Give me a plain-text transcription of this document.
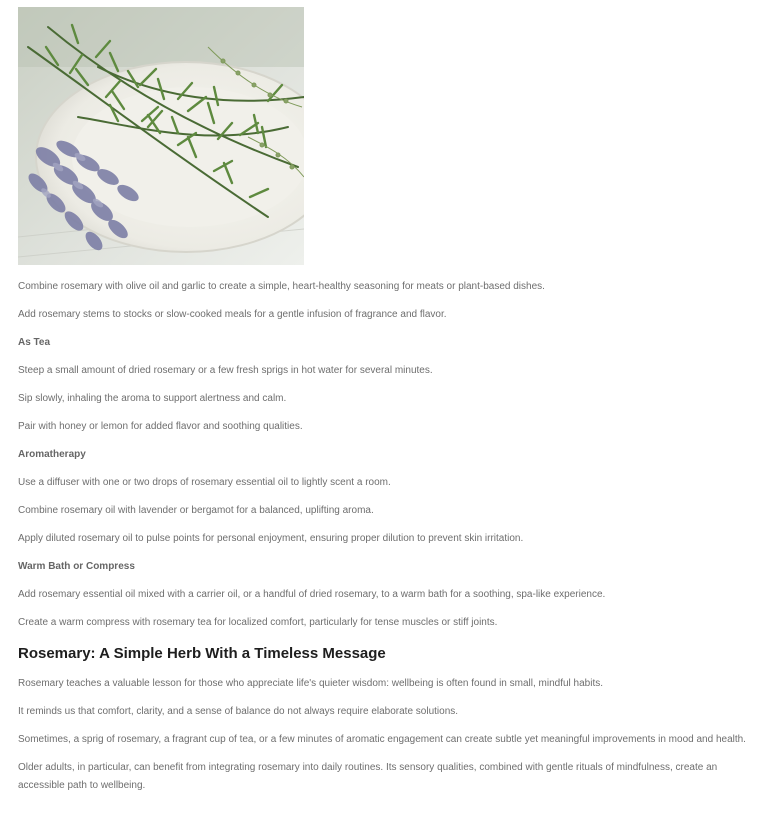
Combine rosemary with olive oil and garlic to create a simple, heart-healthy seasoning for meats or plant-based dishes.

Add rosemary stems to stocks or slow-cooked meals for a gentle infusion of fragrance and flavor.

As Tea

Steep a small amount of dried rosemary or a few fresh sprigs in hot water for several minutes.

Sip slowly, inhaling the aroma to support alertness and calm.

Pair with honey or lemon for added flavor and soothing qualities.

Aromatherapy

Use a diffuser with one or two drops of rosemary essential oil to lightly scent a room.

Combine rosemary oil with lavender or bergamot for a balanced, uplifting aroma.

Apply diluted rosemary oil to pulse points for personal enjoyment, ensuring proper dilution to prevent skin irritation.

Warm Bath or Compress

Add rosemary essential oil mixed with a carrier oil, or a handful of dried rosemary, to a warm bath for a soothing, spa-like experience.

Create a warm compress with rosemary tea for localized comfort, particularly for tense muscles or stiff joints.

Rosemary: A Simple Herb With a Timeless Message

Rosemary teaches a valuable lesson for those who appreciate life's quieter wisdom: wellbeing is often found in small, mindful habits.

It reminds us that comfort, clarity, and a sense of balance do not always require elaborate solutions.

Sometimes, a sprig of rosemary, a fragrant cup of tea, or a few minutes of aromatic engagement can create subtle yet meaningful improvements in mood and health.

Older adults, in particular, can benefit from integrating rosemary into daily routines. Its sensory qualities, combined with gentle rituals of mindfulness, create an accessible path to wellbeing.
